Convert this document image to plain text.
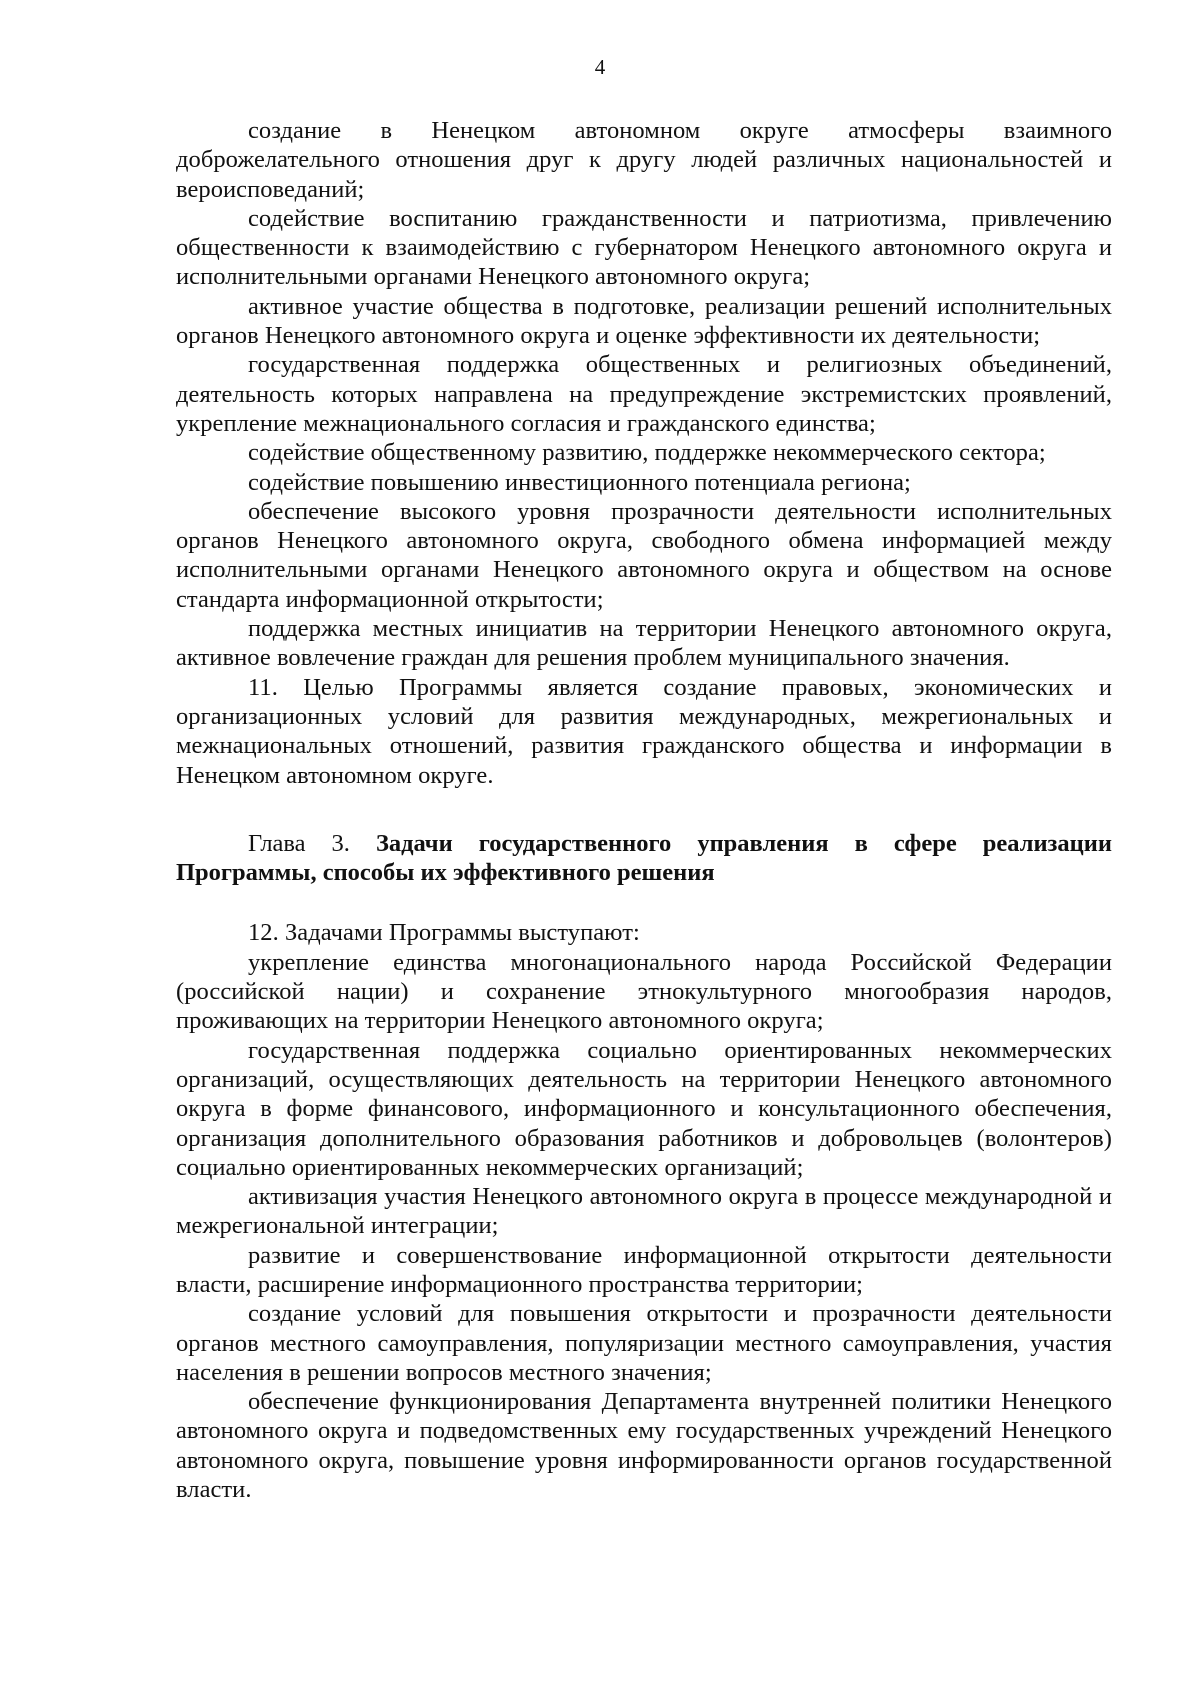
4

создание в Ненецком автономном округе атмосферы взаимного доброжелательного отношения друг к другу людей различных национальностей и вероисповеданий;

содействие воспитанию гражданственности и патриотизма, привлечению общественности к взаимодействию с губернатором Ненецкого автономного округа и исполнительными органами Ненецкого автономного округа;

активное участие общества в подготовке, реализации решений исполнительных органов Ненецкого автономного округа и оценке эффективности их деятельности;

государственная поддержка общественных и религиозных объединений, деятельность которых направлена на предупреждение экстремистских проявлений, укрепление межнационального согласия и гражданского единства;

содействие общественному развитию, поддержке некоммерческого сектора;

содействие повышению инвестиционного потенциала региона;

обеспечение высокого уровня прозрачности деятельности исполнительных органов Ненецкого автономного округа, свободного обмена информацией между исполнительными органами Ненецкого автономного округа и обществом на основе стандарта информационной открытости;

поддержка местных инициатив на территории Ненецкого автономного округа, активное вовлечение граждан для решения проблем муниципального значения.

11. Целью Программы является создание правовых, экономических и организационных условий для развития международных, межрегиональных и межнациональных отношений, развития гражданского общества и информации в Ненецком автономном округе.

Глава 3. Задачи государственного управления в сфере реализации Программы, способы их эффективного решения

12. Задачами Программы выступают:

укрепление единства многонационального народа Российской Федерации (российской нации) и сохранение этнокультурного многообразия народов, проживающих на территории Ненецкого автономного округа;

государственная поддержка социально ориентированных некоммерческих организаций, осуществляющих деятельность на территории Ненецкого автономного округа в форме финансового, информационного и консультационного обеспечения, организация дополнительного образования работников и добровольцев (волонтеров) социально ориентированных некоммерческих организаций;

активизация участия Ненецкого автономного округа в процессе международной и межрегиональной интеграции;

развитие и совершенствование информационной открытости деятельности власти, расширение информационного пространства территории;

создание условий для повышения открытости и прозрачности деятельности органов местного самоуправления, популяризации местного самоуправления, участия населения в решении вопросов местного значения;

обеспечение функционирования Департамента внутренней политики Ненецкого автономного округа и подведомственных ему государственных учреждений Ненецкого автономного округа, повышение уровня информированности органов государственной власти.
